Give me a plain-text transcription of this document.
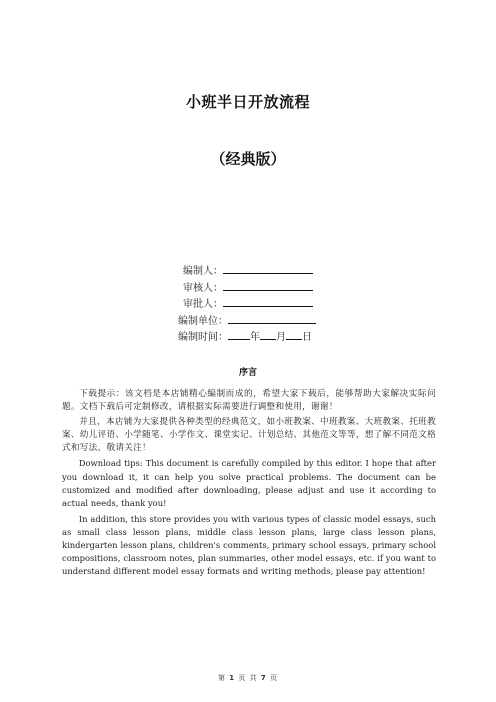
小班半日开放流程
（经典版）
编制人：
审核人：
审批人：
编制单位：
编制时间： 年 月 日
序言

下载提示：该文档是本店铺精心编制而成的，希望大家下载后，能够帮助大家解决实际问题。文档下载后可定制修改，请根据实际需要进行调整和使用，谢谢！

并且，本店铺为大家提供各种类型的经典范文，如小班教案、中班教案、大班教案、托班教案、幼儿评语、小学随笔、小学作文、课堂实记、计划总结、其他范文等等，想了解不同范文格式和写法，敬请关注！

Download tips: This document is carefully compiled by this editor. I hope that after you download it, it can help you solve practical problems. The document can be customized and modified after downloading, please adjust and use it according to actual needs, thank you!

In addition, this store provides you with various types of classic model essays, such as small class lesson plans, middle class lesson plans, large class lesson plans, kindergarten lesson plans, children's comments, primary school essays, primary school compositions, classroom notes, plan summaries, other model essays, etc. if you want to understand different model essay formats and writing methods, please pay attention!

第 1 页 共 7 页
